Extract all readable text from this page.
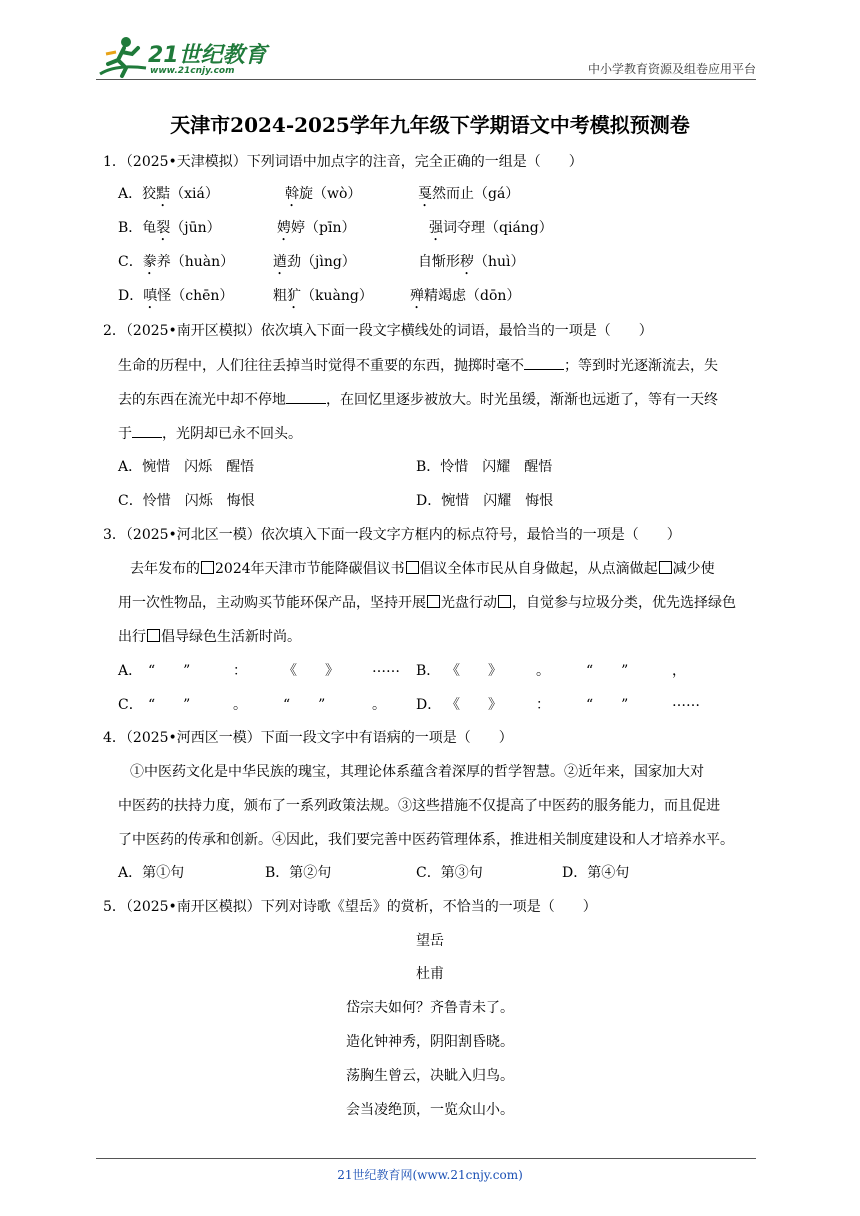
21世纪教育
www.21cnjy.com	中小学教育资源及组卷应用平台
天津市2024-2025学年九年级下学期语文中考模拟预测卷
1．（2025•天津模拟）下列词语中加点字的注音，完全正确的一组是（　　）
A．狡黠（xiá）	斡旋（wò）	戛然而止（gá）
B．龟裂（jūn）	娉婷（pīn）	强词夺理（qiáng）
C．豢养（huàn）	遒劲（jìng）	自惭形秽（huì）
D．嗔怪（chēn）	粗犷（kuàng）	殚精竭虑（dōn）
2．（2025•南开区模拟）依次填入下面一段文字横线处的词语，最恰当的一项是（　　）
生命的历程中，人们往往丢掉当时觉得不重要的东西，抛掷时毫不	；等到时光逐渐流去，失
去的东西在流光中却不停地	，在回忆里逐步被放大。时光虽缓，渐渐也远逝了，等有一天终
于 ，光阴却已永不回头。
A．惋惜　闪烁　醒悟	B．怜惜　闪耀　醒悟
C．怜惜　闪烁　悔恨	D．惋惜　闪耀　悔恨
3．（2025•河北区一模）依次填入下面一段文字方框内的标点符号，最恰当的一项是（　　）
去年发布的 2024年天津市节能降碳倡议书 倡议全体市民从自身做起，从点滴做起 减少使
用一次性物品，主动购买节能环保产品，坚持开展 光盘行动 ，自觉参与垃圾分类，优先选择绿色
出行 倡导绿色生活新时尚。
A． “　　”	：	《　　》 …… B． 《　　》 。	“　　”	，
C． “　　”	。	“　　”	。 D． 《　　》 ：	“　　”	……
4．（2025•河西区一模）下面一段文字中有语病的一项是（　　）
①中医药文化是中华民族的瑰宝，其理论体系蕴含着深厚的哲学智慧。②近年来，国家加大对
中医药的扶持力度，颁布了一系列政策法规。③这些措施不仅提高了中医药的服务能力，而且促进
了中医药的传承和创新。④因此，我们要完善中医药管理体系，推进相关制度建设和人才培养水平。
A．第①句	B．第②句	C．第③句	D．第④句
5．（2025•南开区模拟）下列对诗歌《望岳》的赏析，不恰当的一项是（　　）
望岳
杜甫
岱宗夫如何？齐鲁青未了。
造化钟神秀，阴阳割昏晓。
荡胸生曾云，决眦入归鸟。
会当凌绝顶，一览众山小。
21世纪教育网(www.21cnjy.com)
